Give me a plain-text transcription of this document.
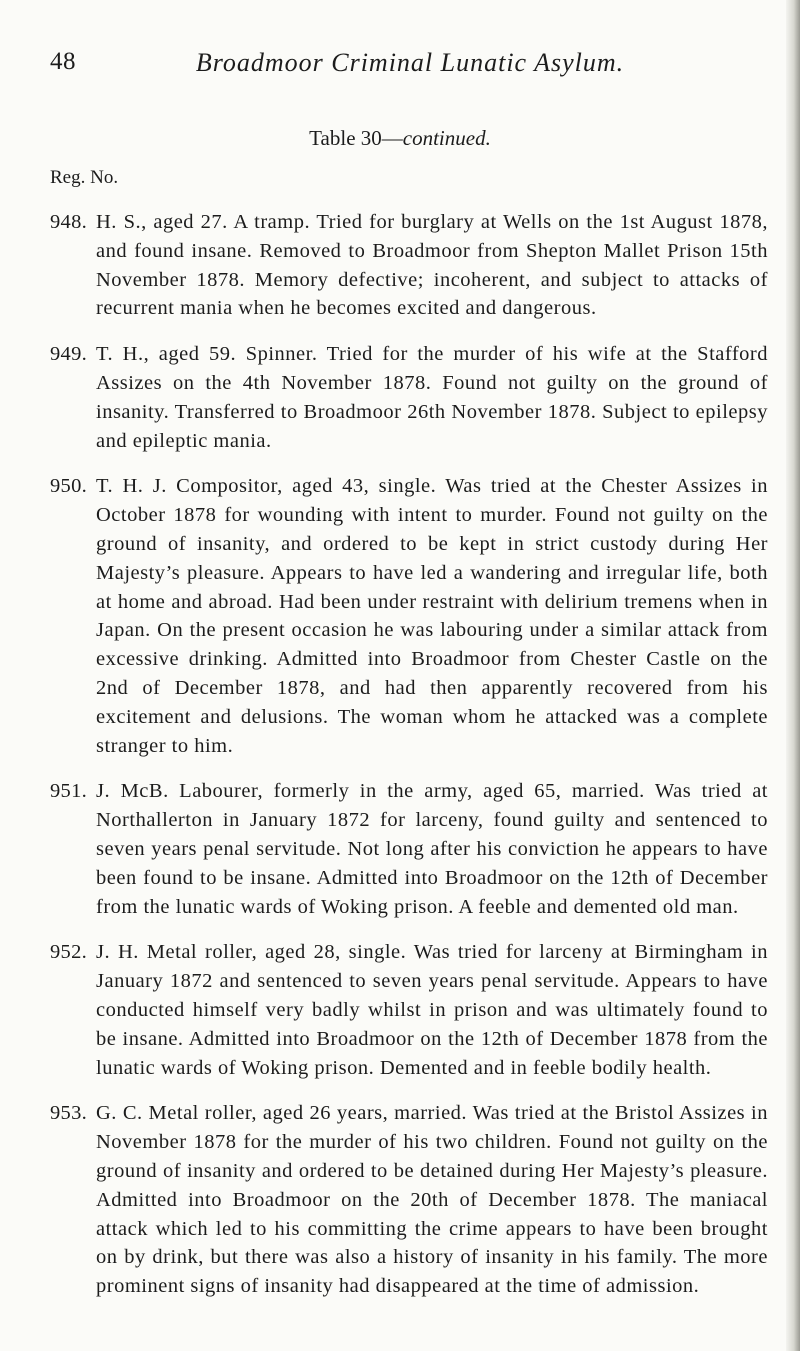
48	Broadmoor Criminal Lunatic Asylum.
Table 30—continued.
Reg. No.
948. H. S., aged 27. A tramp. Tried for burglary at Wells on the 1st August 1878, and found insane. Removed to Broadmoor from Shepton Mallet Prison 15th November 1878. Memory defective; incoherent, and subject to attacks of recurrent mania when he becomes excited and dangerous.
949. T. H., aged 59. Spinner. Tried for the murder of his wife at the Stafford Assizes on the 4th November 1878. Found not guilty on the ground of insanity. Transferred to Broadmoor 26th November 1878. Subject to epilepsy and epileptic mania.
950. T. H. J. Compositor, aged 43, single. Was tried at the Chester Assizes in October 1878 for wounding with intent to murder. Found not guilty on the ground of insanity, and ordered to be kept in strict custody during Her Majesty’s pleasure. Appears to have led a wandering and irregular life, both at home and abroad. Had been under restraint with delirium tremens when in Japan. On the present occasion he was labouring under a similar attack from excessive drinking. Admitted into Broadmoor from Chester Castle on the 2nd of December 1878, and had then apparently recovered from his excitement and delusions. The woman whom he attacked was a complete stranger to him.
951. J. McB. Labourer, formerly in the army, aged 65, married. Was tried at Northallerton in January 1872 for larceny, found guilty and sentenced to seven years penal servitude. Not long after his conviction he appears to have been found to be insane. Admitted into Broadmoor on the 12th of December from the lunatic wards of Woking prison. A feeble and demented old man.
952. J. H. Metal roller, aged 28, single. Was tried for larceny at Birmingham in January 1872 and sentenced to seven years penal servitude. Appears to have conducted himself very badly whilst in prison and was ultimately found to be insane. Admitted into Broadmoor on the 12th of December 1878 from the lunatic wards of Woking prison. Demented and in feeble bodily health.
953. G. C. Metal roller, aged 26 years, married. Was tried at the Bristol Assizes in November 1878 for the murder of his two children. Found not guilty on the ground of insanity and ordered to be detained during Her Majesty’s pleasure. Admitted into Broadmoor on the 20th of December 1878. The maniacal attack which led to his committing the crime appears to have been brought on by drink, but there was also a history of insanity in his family. The more prominent signs of insanity had disappeared at the time of admission.
